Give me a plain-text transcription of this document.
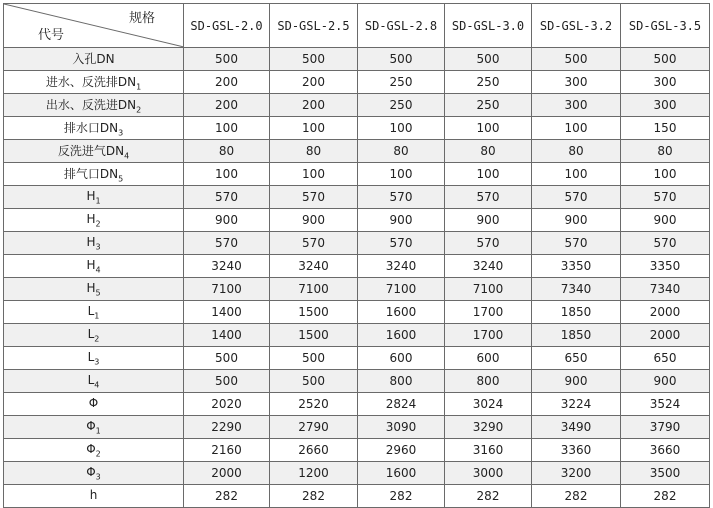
规格
代号	SD-GSL-2.0	SD-GSL-2.5	SD-GSL-2.8	SD-GSL-3.0	SD-GSL-3.2	SD-GSL-3.5
入孔DN	500	500	500	500	500	500
进水、反洗排$DN_1$	200	200	250	250	300	300
出水、反洗进$DN_2$	200	200	250	250	300	300
排水口$DN_3$	100	100	100	100	100	150
反洗进气$DN_4$	80	80	80	80	80	80
排气口$DN_5$	100	100	100	100	100	100
$H_1$	570	570	570	570	570	570
$H_2$	900	900	900	900	900	900
$H_3$	570	570	570	570	570	570
$H_4$	3240	3240	3240	3240	3350	3350
$H_5$	7100	7100	7100	7100	7340	7340
$L_1$	1400	1500	1600	1700	1850	2000
$L_2$	1400	1500	1600	1700	1850	2000
$L_3$	500	500	600	600	650	650
$L_4$	500	500	800	800	900	900
Φ	2020	2520	2824	3024	3224	3524
$\Phi_1$	2290	2790	3090	3290	3490	3790
$\Phi_2$	2160	2660	2960	3160	3360	3660
$\Phi_3$	2000	1200	1600	3000	3200	3500
h	282	282	282	282	282	282
